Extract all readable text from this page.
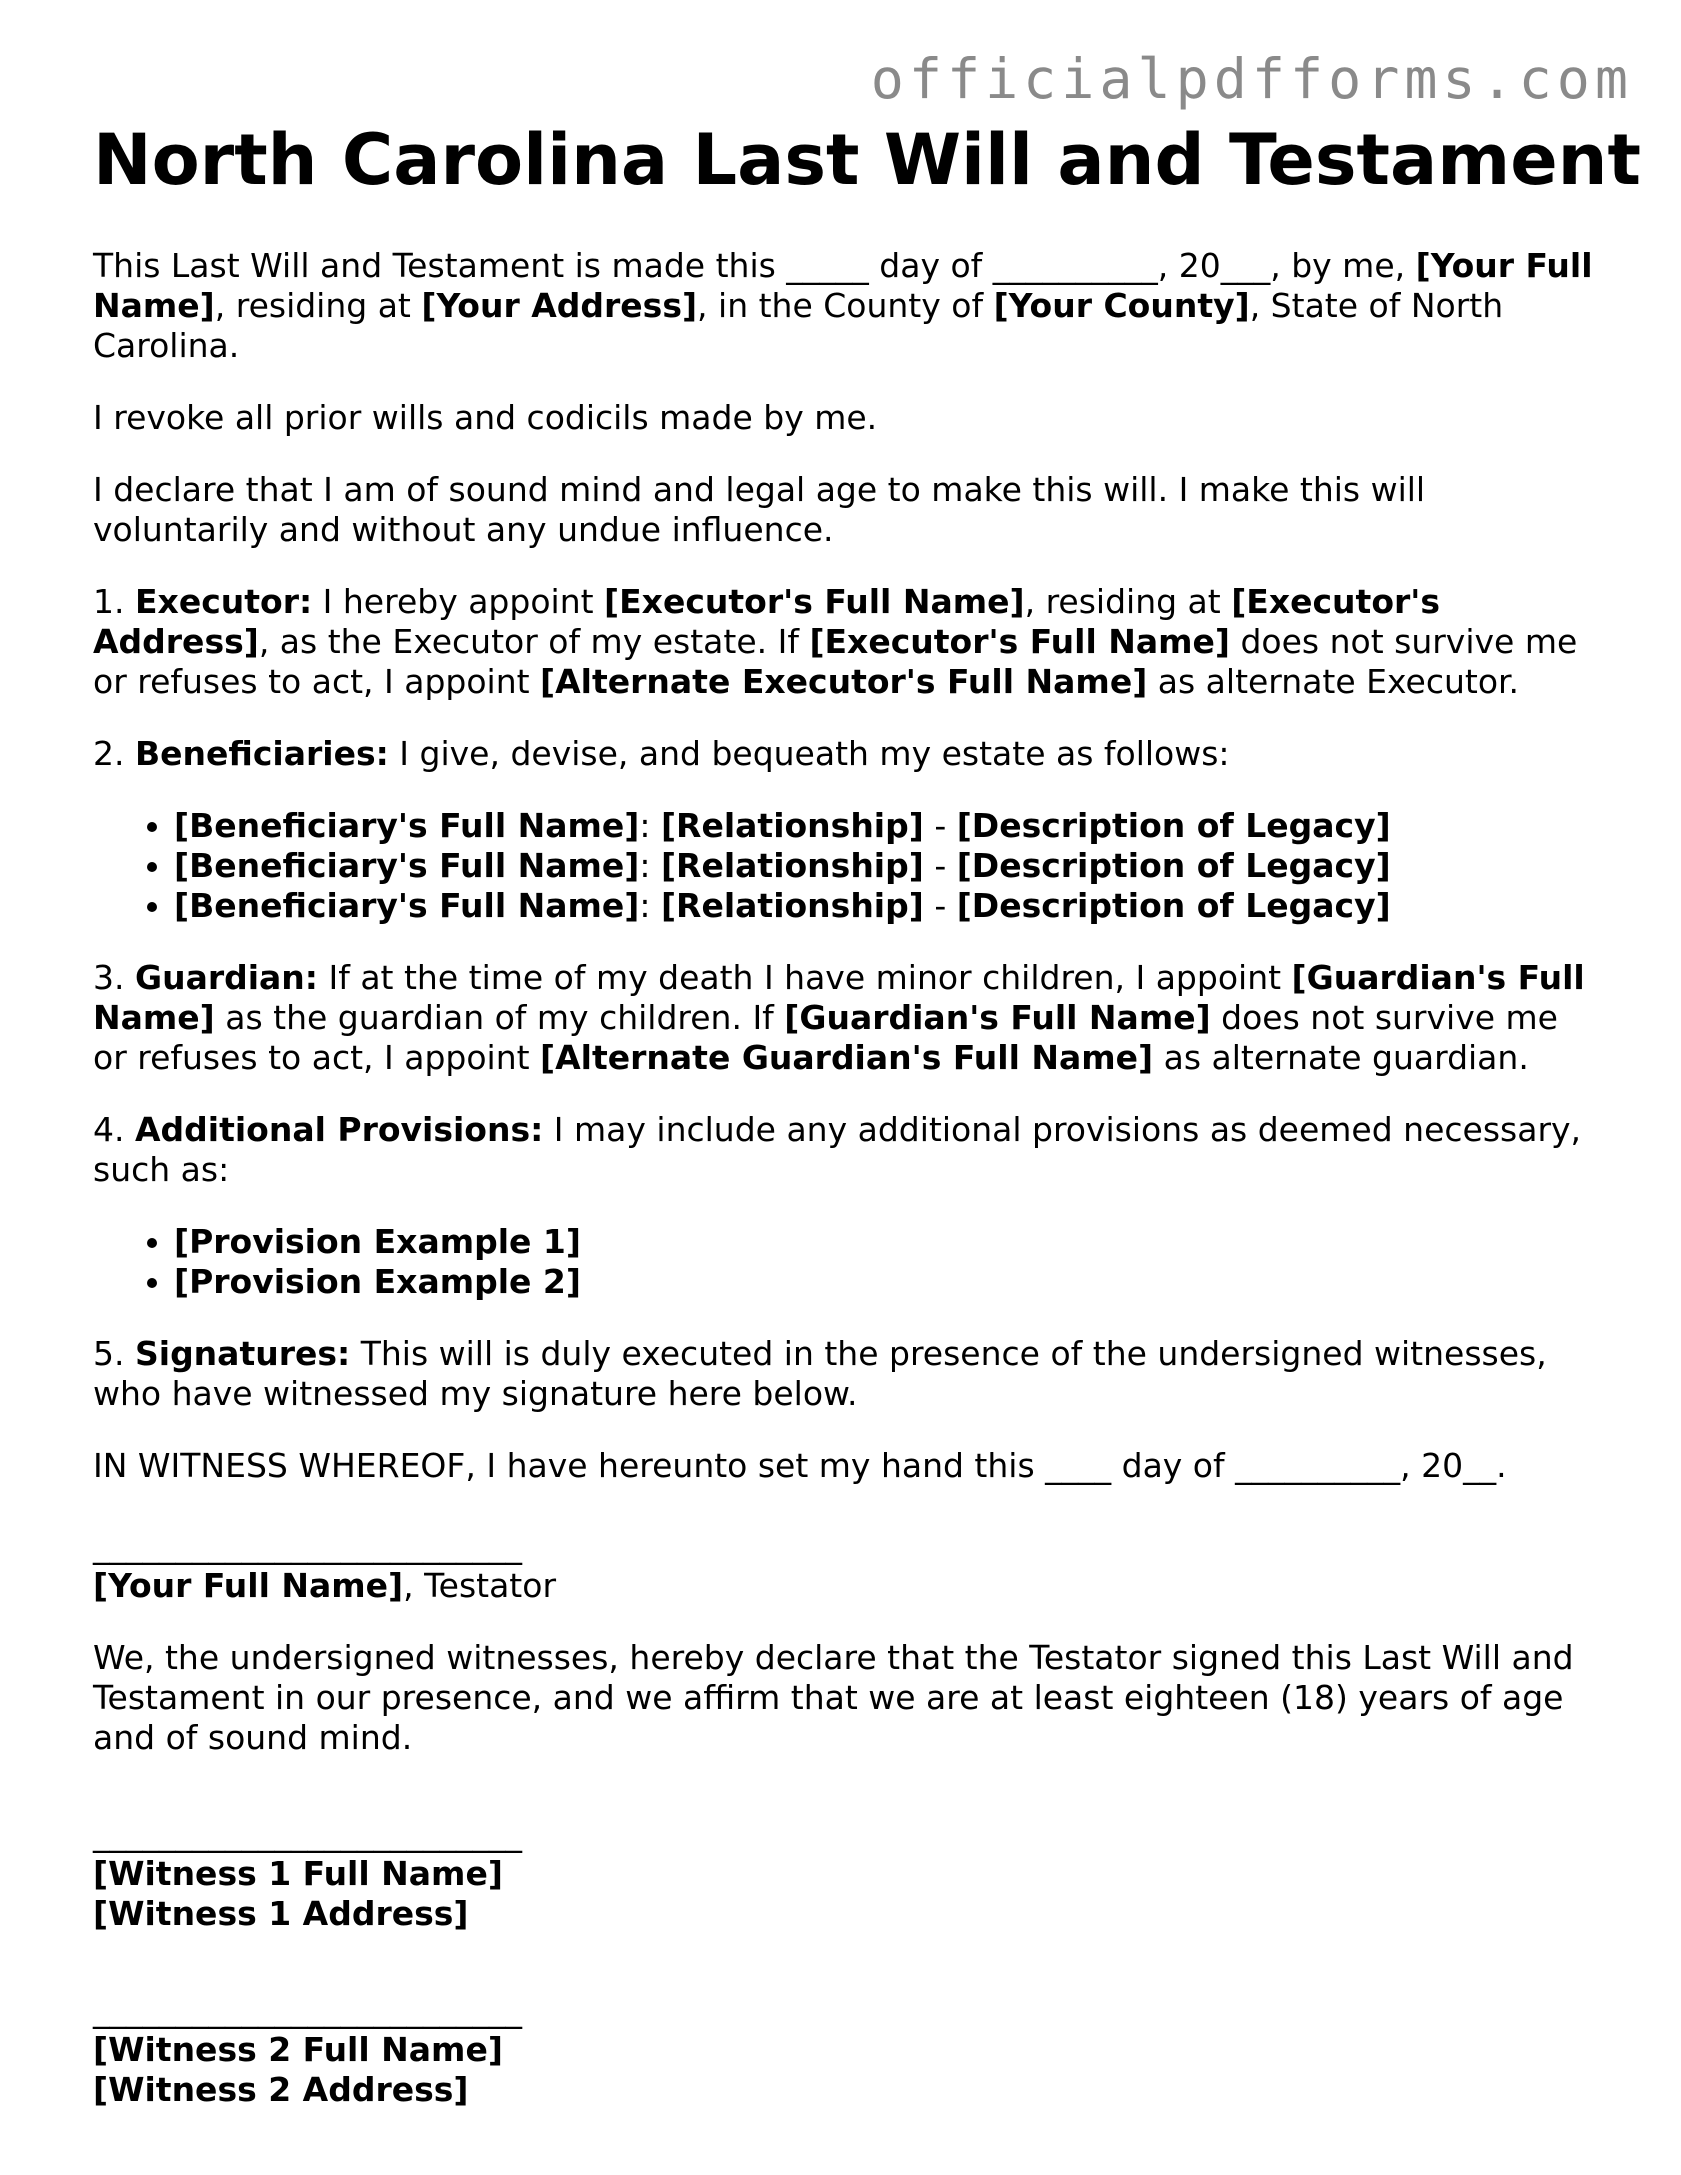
officialpdfforms.com
North Carolina Last Will and Testament

This Last Will and Testament is made this _____ day of __________, 20___, by me, [Your Full Name], residing at [Your Address], in the County of [Your County], State of North Carolina.

I revoke all prior wills and codicils made by me.

I declare that I am of sound mind and legal age to make this will. I make this will voluntarily and without any undue influence.

1. Executor: I hereby appoint [Executor's Full Name], residing at [Executor's Address], as the Executor of my estate. If [Executor's Full Name] does not survive me or refuses to act, I appoint [Alternate Executor's Full Name] as alternate Executor.

2. Beneficiaries: I give, devise, and bequeath my estate as follows:

• [Beneficiary's Full Name]: [Relationship] - [Description of Legacy]
• [Beneficiary's Full Name]: [Relationship] - [Description of Legacy]
• [Beneficiary's Full Name]: [Relationship] - [Description of Legacy]

3. Guardian: If at the time of my death I have minor children, I appoint [Guardian's Full Name] as the guardian of my children. If [Guardian's Full Name] does not survive me or refuses to act, I appoint [Alternate Guardian's Full Name] as alternate guardian.

4. Additional Provisions: I may include any additional provisions as deemed necessary, such as:

• [Provision Example 1]
• [Provision Example 2]

5. Signatures: This will is duly executed in the presence of the undersigned witnesses, who have witnessed my signature here below.

IN WITNESS WHEREOF, I have hereunto set my hand this ____ day of __________, 20__.

__________________________
[Your Full Name], Testator

We, the undersigned witnesses, hereby declare that the Testator signed this Last Will and Testament in our presence, and we affirm that we are at least eighteen (18) years of age and of sound mind.

__________________________
[Witness 1 Full Name]
[Witness 1 Address]
__________________________
[Witness 2 Full Name]
[Witness 2 Address]
